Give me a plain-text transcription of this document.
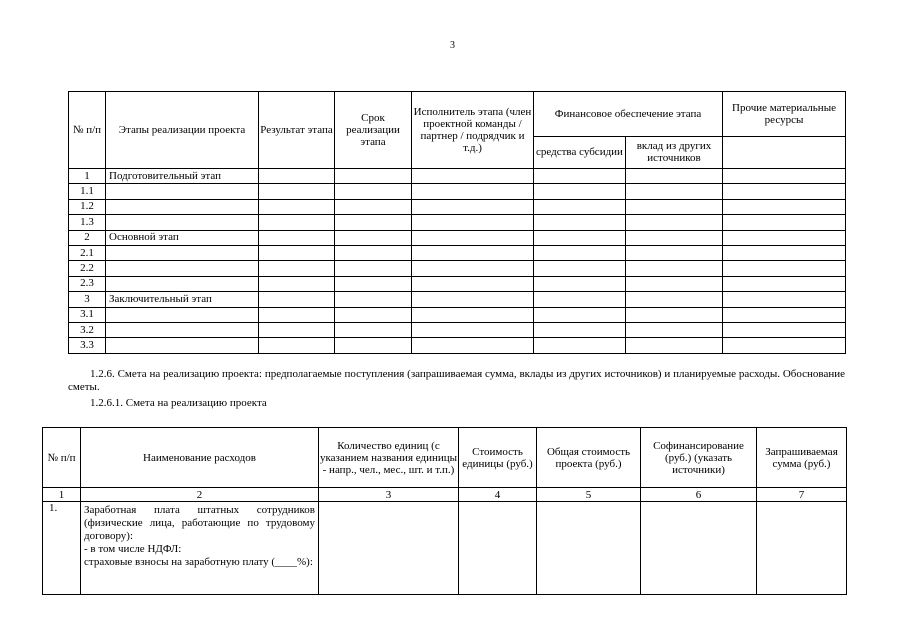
3
№ п/п	Этапы реализации проекта	Результат этапа	Срок реализации этапа	Исполнитель этапа (член проектной команды / партнер / подрядчик и т.д.)	Финансовое обеспечение этапа		Прочие материальные ресурсы
					средства субсидии	вклад из других источников	
1	Подготовительный этап						
1.1							
1.2							
1.3							
2	Основной этап						
2.1							
2.2							
2.3							
3	Заключительный этап						
3.1							
3.2							
3.3							
1.2.6. Смета на реализацию проекта: предполагаемые поступления (запрашиваемая сумма, вклады из других источников) и планируемые расходы. Обоснование сметы.
1.2.6.1. Смета на реализацию проекта
№ п/п	Наименование расходов	Количество единиц (с указанием названия единицы - напр., чел., мес., шт. и т.п.)	Стоимость единицы (руб.)	Общая стоимость проекта (руб.)	Софинансирование (руб.) (указать источники)	Запрашиваемая сумма (руб.)
1	2	3	4	5	6	7
1.	Заработная плата штатных сотрудников (физические лица, работающие по трудовому договору):
- в том числе НДФЛ:
страховые взносы на заработную плату (____%):					
